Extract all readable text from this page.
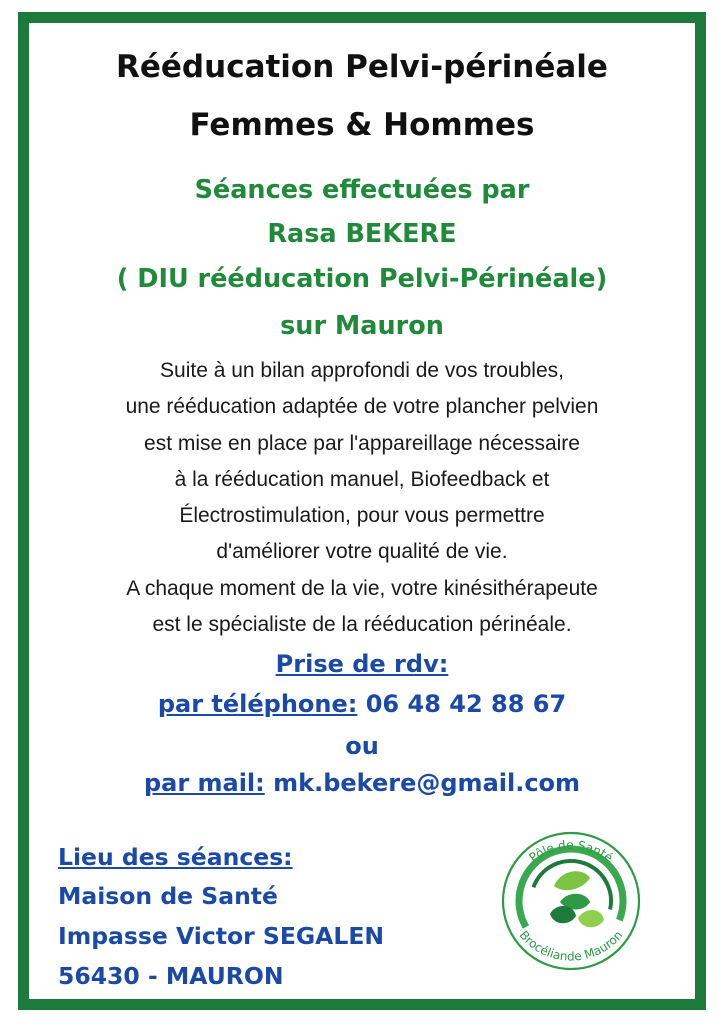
Rééducation Pelvi-périnéale
Femmes & Hommes
Séances effectuées par
Rasa BEKERE
( DIU rééducation Pelvi-Périnéale)
sur Mauron
Suite à un bilan approfondi de vos troubles,
une rééducation adaptée de votre plancher pelvien
est mise en place par l'appareillage nécessaire
à la rééducation manuel, Biofeedback et
Électrostimulation, pour vous permettre
d'améliorer votre qualité de vie.
A chaque moment de la vie, votre kinésithérapeute
est le spécialiste de la rééducation périnéale.
Prise de rdv:
par téléphone: 06 48 42 88 67
ou
par mail: mk.bekere@gmail.com
Lieu des séances:
Maison de Santé
Impasse Victor SEGALEN
56430 - MAURON
Pôle de Santé
Brocéliande Mauron
